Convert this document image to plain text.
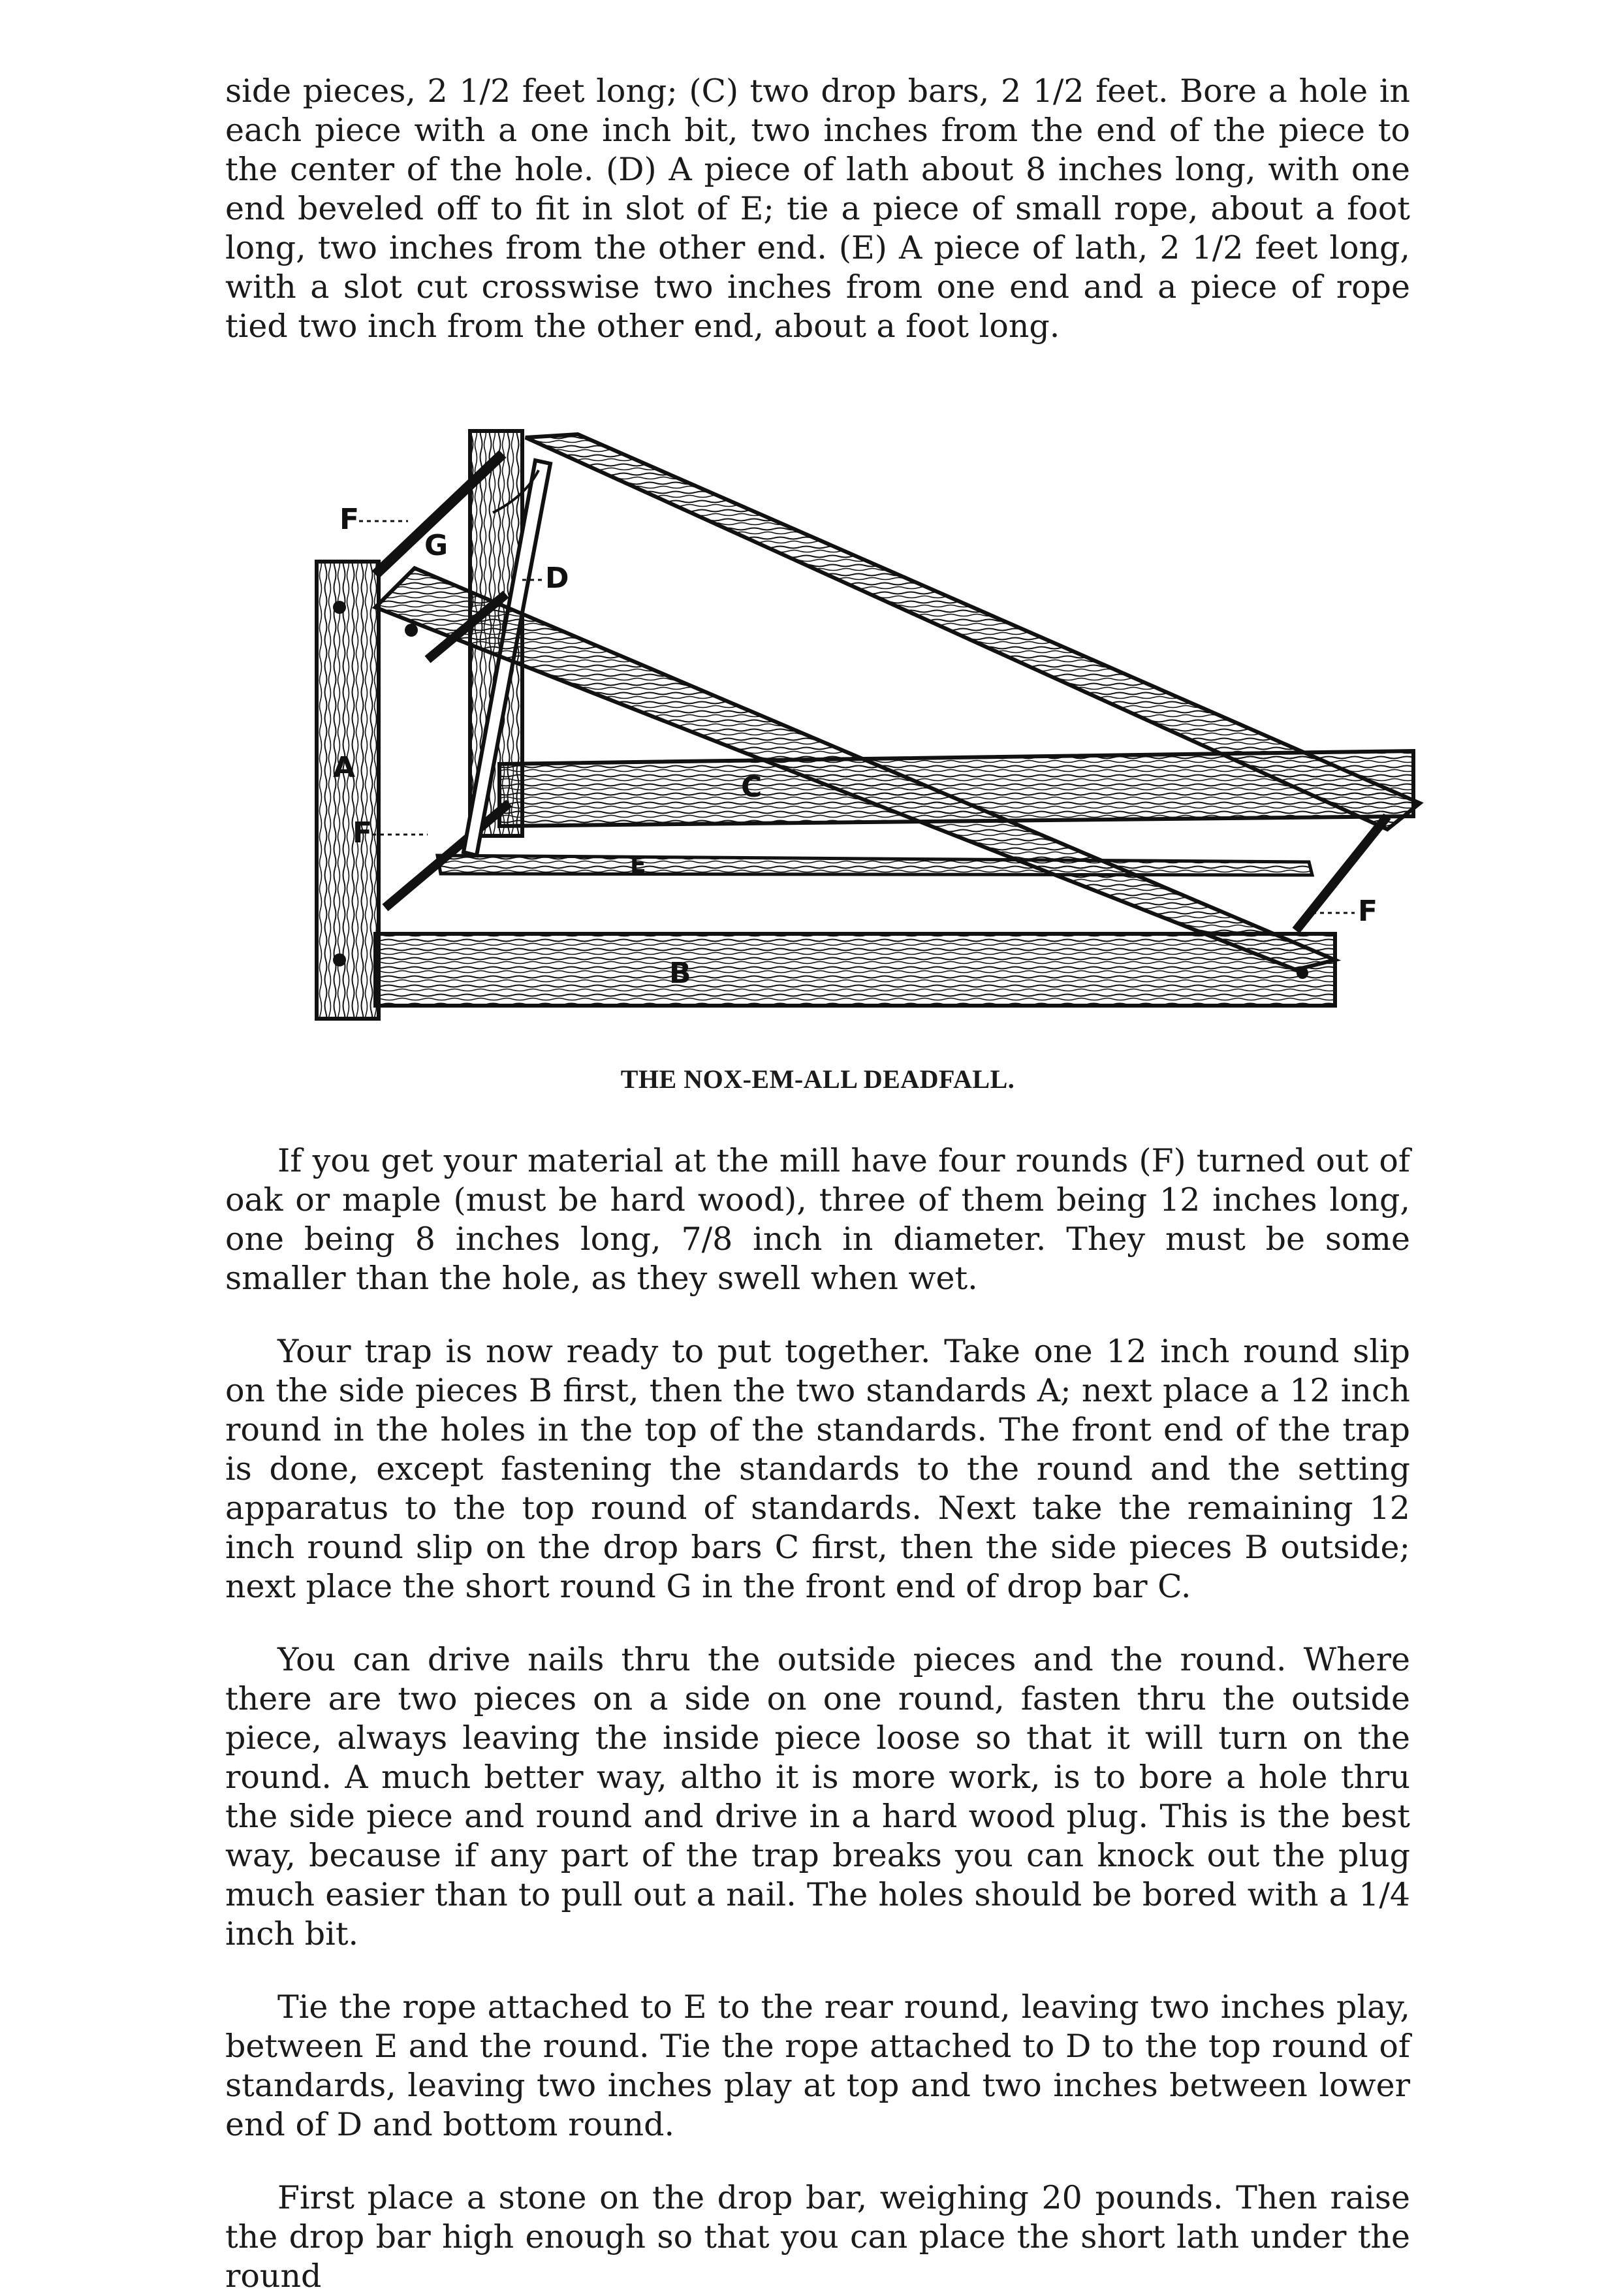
side pieces, 2 1/2 feet long; (C) two drop bars, 2 1/2 feet. Bore a hole in each piece with a one inch bit, two inches from the end of the piece to the center of the hole. (D) A piece of lath about 8 inches long, with one end beveled off to fit in slot of E; tie a piece of small rope, about a foot long, two inches from the other end. (E) A piece of lath, 2 1/2 feet long, with a slot cut crosswise two inches from one end and a piece of rope tied two inch from the other end, about a foot long.

F
G
D
A
F
C
E
F
B

THE NOX-EM-ALL DEADFALL.

If you get your material at the mill have four rounds (F) turned out of oak or maple (must be hard wood), three of them being 12 inches long, one being 8 inches long, 7/8 inch in diameter. They must be some smaller than the hole, as they swell when wet.

Your trap is now ready to put together. Take one 12 inch round slip on the side pieces B first, then the two standards A; next place a 12 inch round in the holes in the top of the standards. The front end of the trap is done, except fastening the standards to the round and the setting apparatus to the top round of standards. Next take the remaining 12 inch round slip on the drop bars C first, then the side pieces B outside; next place the short round G in the front end of drop bar C.

You can drive nails thru the outside pieces and the round. Where there are two pieces on a side on one round, fasten thru the outside piece, always leaving the inside piece loose so that it will turn on the round. A much better way, altho it is more work, is to bore a hole thru the side piece and round and drive in a hard wood plug. This is the best way, because if any part of the trap breaks you can knock out the plug much easier than to pull out a nail. The holes should be bored with a 1/4 inch bit.

Tie the rope attached to E to the rear round, leaving two inches play, between E and the round. Tie the rope attached to D to the top round of standards, leaving two inches play at top and two inches between lower end of D and bottom round.

First place a stone on the drop bar, weighing 20 pounds. Then raise the drop bar high enough so that you can place the short lath under the round
